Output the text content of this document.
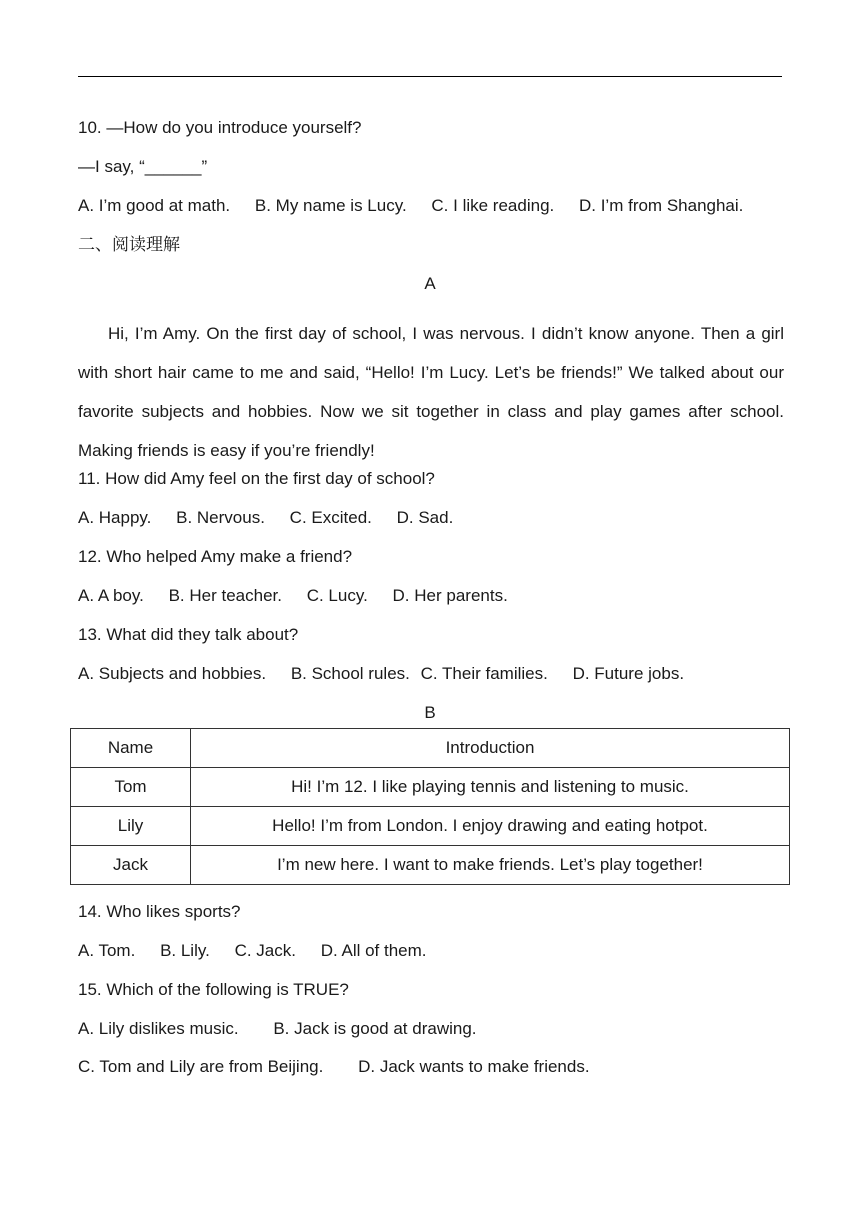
10. —How do you introduce yourself?
—I say, “______”
A. I’m good at math. B. My name is Lucy. C. I like reading. D. I’m from Shanghai.
二、阅读理解
A
Hi, I’m Amy. On the first day of school, I was nervous. I didn’t know anyone. Then a girl with short hair came to me and said, “Hello! I’m Lucy. Let’s be friends!” We talked about our favorite subjects and hobbies. Now we sit together in class and play games after school. Making friends is easy if you’re friendly!
11. How did Amy feel on the first day of school?
A. Happy. B. Nervous. C. Excited. D. Sad.
12. Who helped Amy make a friend?
A. A boy. B. Her teacher. C. Lucy. D. Her parents.
13. What did they talk about?
A. Subjects and hobbies. B. School rules. C. Their families. D. Future jobs.
B
Name	Introduction
Tom	Hi! I’m 12. I like playing tennis and listening to music.
Lily	Hello! I’m from London. I enjoy drawing and eating hotpot.
Jack	I’m new here. I want to make friends. Let’s play together!
14. Who likes sports?
A. Tom. B. Lily. C. Jack. D. All of them.
15. Which of the following is TRUE?
A. Lily dislikes music. B. Jack is good at drawing.
C. Tom and Lily are from Beijing. D. Jack wants to make friends.
